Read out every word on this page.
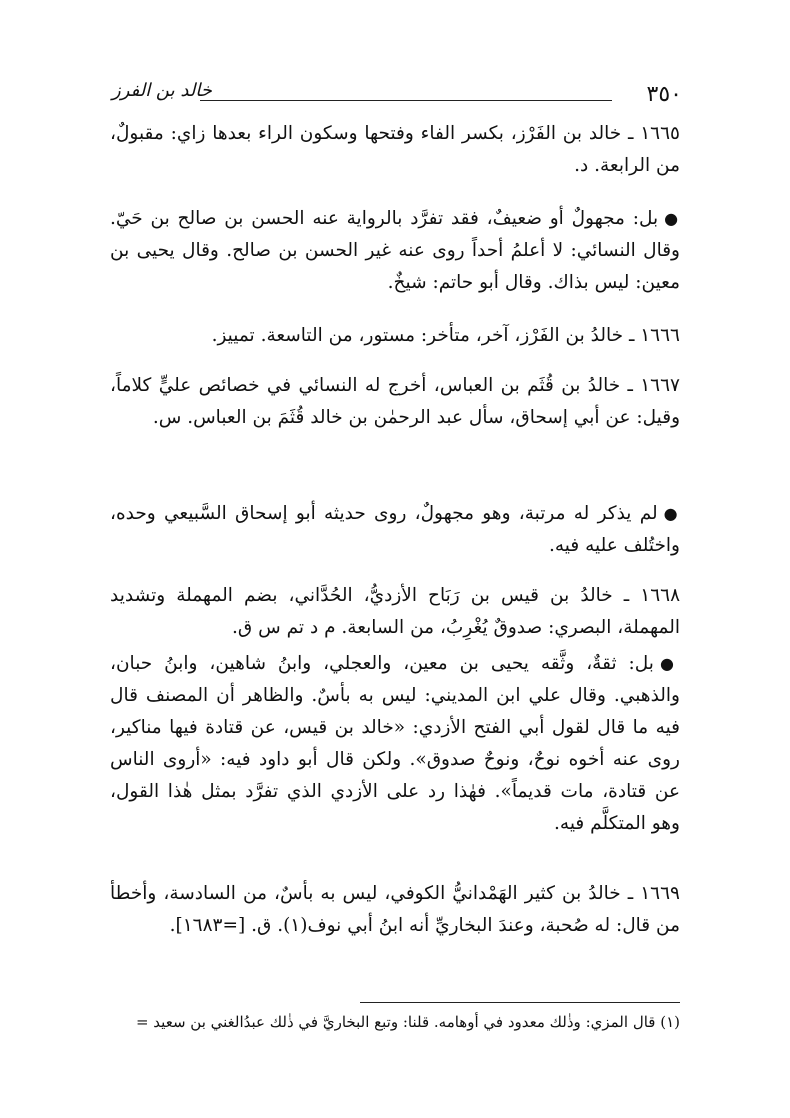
٣٥٠
خالد بن الفرز
١٦٦٥ ـ خالد بن الفَرْز، بكسر الفاء وفتحها وسكون الراء بعدها زاي: مقبولٌ، من الرابعة. د.
● بل: مجهولٌ أو ضعيفٌ، فقد تفرَّد بالرواية عنه الحسن بن صالح بن حَيّ. وقال النسائي: لا أعلمُ أحداً روى عنه غير الحسن بن صالح. وقال يحيى بن معين: ليس بذاك. وقال أبو حاتم: شيخٌ.
١٦٦٦ ـ خالدُ بن الفَرْز، آخر، متأخر: مستور، من التاسعة. تمييز.
١٦٦٧ ـ خالدُ بن قُثَم بن العباس، أخرج له النسائي في خصائص عليٍّ كلاماً، وقيل: عن أبي إسحاق، سأل عبد الرحمٰن بن خالد قُثَمَ بن العباس. س.
● لم يذكر له مرتبة، وهو مجهولٌ، روى حديثه أبو إسحاق السَّبيعي وحده، واختُلف عليه فيه.
١٦٦٨ ـ خالدُ بن قيس بن رَبَاح الأزديُّ، الحُدَّاني، بضم المهملة وتشديد المهملة، البصري: صدوقٌ يُغْرِبُ، من السابعة. م د تم س ق.
● بل: ثقةٌ، وثَّقه يحيى بن معين، والعجلي، وابنُ شاهين، وابنُ حبان، والذهبي. وقال علي ابن المديني: ليس به بأسٌ. والظاهر أن المصنف قال فيه ما قال لقول أبي الفتح الأزدي: «خالد بن قيس، عن قتادة فيها مناكير، روى عنه أخوه نوحٌ، ونوحٌ صدوق». ولكن قال أبو داود فيه: «أروى الناس عن قتادة، مات قديماً». فهٰذا رد على الأزدي الذي تفرَّد بمثل هٰذا القول، وهو المتكلَّم فيه.
١٦٦٩ ـ خالدُ بن كثير الهَمْدانيُّ الكوفي، ليس به بأسٌ، من السادسة، وأخطأ من قال: له صُحبة، وعندَ البخاريِّ أنه ابنُ أبي نوف(١). ق. [=١٦٨٣].
(١) قال المزي: وذٰلك معدود في أوهامه. قلنا: وتبع البخاريَّ في ذٰلك عبدُالغني بن سعيد =
